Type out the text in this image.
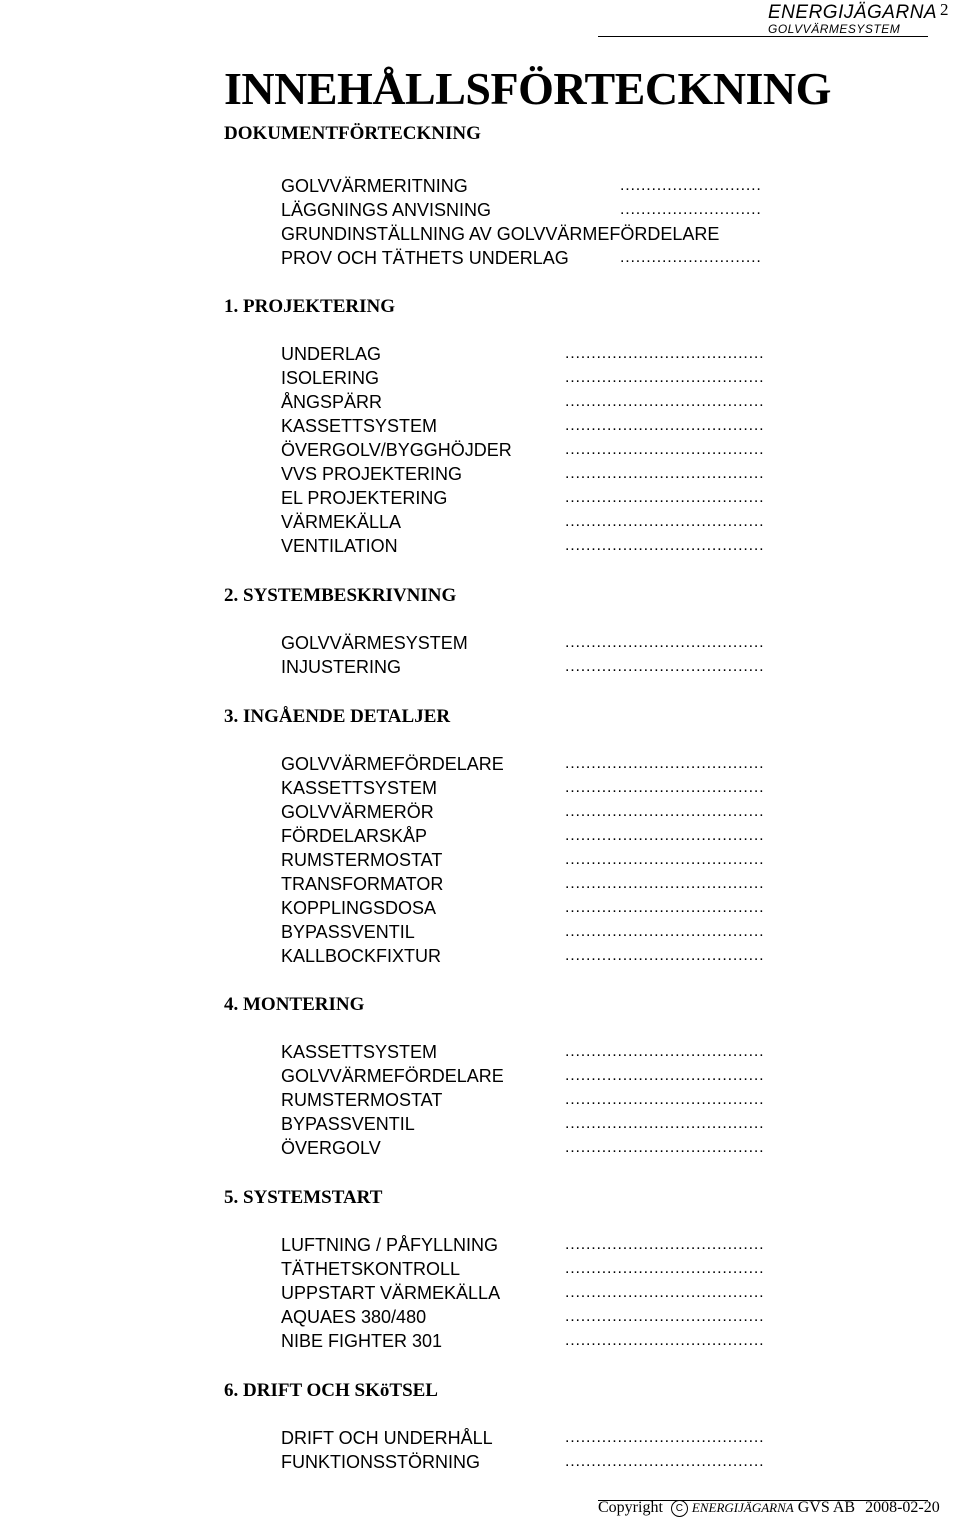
ENERGIJÄGARNA
GOLVVÄRMESYSTEM
2
INNEHÅLLSFÖRTECKNING
DOKUMENTFÖRTECKNING
GOLVVÄRMERITNING	...........................
LÄGGNINGS ANVISNING	...........................
GRUNDINSTÄLLNING AV GOLVVÄRMEFÖRDELARE
PROV OCH TÄTHETS UNDERLAG	...........................
1. PROJEKTERING
UNDERLAG	......................................
ISOLERING	......................................
ÅNGSPÄRR	......................................
KASSETTSYSTEM	......................................
ÖVERGOLV/BYGGHÖJDER	......................................
VVS PROJEKTERING	......................................
EL PROJEKTERING	......................................
VÄRMEKÄLLA	......................................
VENTILATION	......................................
2. SYSTEMBESKRIVNING
GOLVVÄRMESYSTEM	......................................
INJUSTERING	......................................
3. INGÅENDE DETALJER
GOLVVÄRMEFÖRDELARE	......................................
KASSETTSYSTEM	......................................
GOLVVÄRMERÖR	......................................
FÖRDELARSKÅP	......................................
RUMSTERMOSTAT	......................................
TRANSFORMATOR	......................................
KOPPLINGSDOSA	......................................
BYPASSVENTIL	......................................
KALLBOCKFIXTUR	......................................
4. MONTERING
KASSETTSYSTEM	......................................
GOLVVÄRMEFÖRDELARE	......................................
RUMSTERMOSTAT	......................................
BYPASSVENTIL	......................................
ÖVERGOLV	......................................
5. SYSTEMSTART
LUFTNING / PÅFYLLNING	......................................
TÄTHETSKONTROLL	......................................
UPPSTART VÄRMEKÄLLA	......................................
AQUAES 380/480	......................................
NIBE FIGHTER 301	......................................
6. DRIFT OCH SKöTSEL
DRIFT OCH UNDERHÅLL	......................................
FUNKTIONSSTÖRNING	......................................
Copyright C ENERGIJÄGARNA GVS AB 2008-02-20
